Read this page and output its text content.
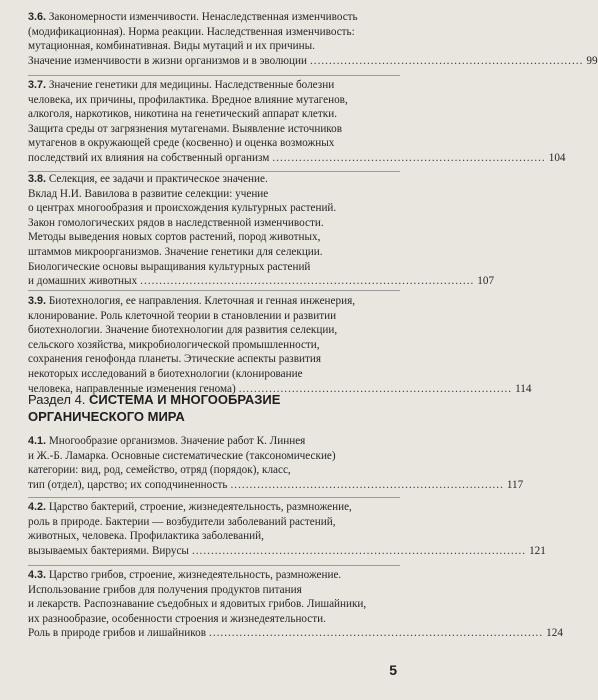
3.6. Закономерности изменчивости. Ненаследственная изменчивость
(модификационная). Норма реакции. Наследственная изменчивость:
мутационная, комбинативная. Виды мутаций и их причины.
Значение изменчивости в жизни организмов и в эволюции ........................................................................ 99
3.7. Значение генетики для медицины. Наследственные болезни
человека, их причины, профилактика. Вредное влияние мутагенов,
алкоголя, наркотиков, никотина на генетический аппарат клетки.
Защита среды от загрязнения мутагенами. Выявление источников
мутагенов в окружающей среде (косвенно) и оценка возможных
последствий их влияния на собственный организм ........................................................................ 104
3.8. Селекция, ее задачи и практическое значение.
Вклад Н.И. Вавилова в развитие селекции: учение
о центрах многообразия и происхождения культурных растений.
Закон гомологических рядов в наследственной изменчивости.
Методы выведения новых сортов растений, пород животных,
штаммов микроорганизмов. Значение генетики для селекции.
Биологические основы выращивания культурных растений
и домашних животных ........................................................................................ 107
3.9. Биотехнология, ее направления. Клеточная и генная инженерия,
клонирование. Роль клеточной теории в становлении и развитии
биотехнологии. Значение биотехнологии для развития селекции,
сельского хозяйства, микробиологической промышленности,
сохранения генофонда планеты. Этические аспекты развития
некоторых исследований в биотехнологии (клонирование
человека, направленные изменения генома) ........................................................................ 114
Раздел 4. СИСТЕМА И МНОГООБРАЗИЕ
ОРГАНИЧЕСКОГО МИРА
4.1. Многообразие организмов. Значение работ К. Линнея
и Ж.-Б. Ламарка. Основные систематические (таксономические)
категории: вид, род, семейство, отряд (порядок), класс,
тип (отдел), царство; их соподчиненность ........................................................................ 117
4.2. Царство бактерий, строение, жизнедеятельность, размножение,
роль в природе. Бактерии — возбудители заболеваний растений,
животных, человека. Профилактика заболеваний,
вызываемых бактериями. Вирусы ........................................................................................ 121
4.3. Царство грибов, строение, жизнедеятельность, размножение.
Использование грибов для получения продуктов питания
и лекарств. Распознавание съедобных и ядовитых грибов. Лишайники,
их разнообразие, особенности строения и жизнедеятельности.
Роль в природе грибов и лишайников ........................................................................................ 124
5
